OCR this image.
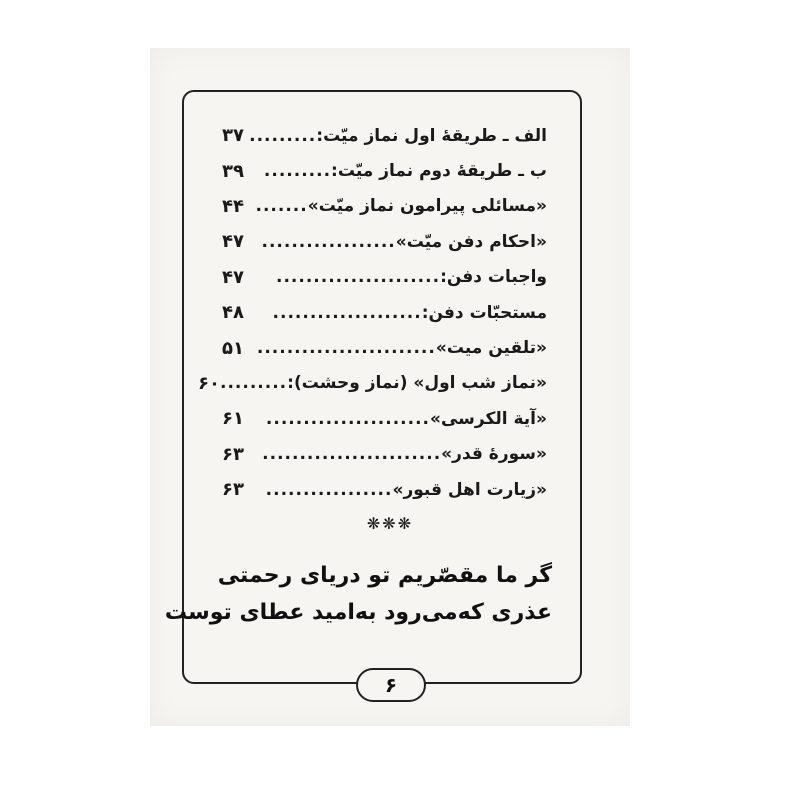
الف ـ طریقۀ اول نماز میّت:
.........
۳۷
ب ـ طریقۀ دوم نماز میّت:
.........
۳۹
«مسائلی پیرامون نماز میّت»
.......
۴۴
«احکام دفن میّت»
..................
۴۷
واجبات دفن:
......................
۴۷
مستحبّات دفن:
....................
۴۸
«تلقین میت»
........................
۵۱
«نماز شب اول» (نماز وحشت):
.........
۶۰
«آیة الکرسی»
......................
۶۱
«سورۀ قدر»
........................
۶۳
«زیارت اهل قبور»
.................
۶۳
❋❋❋
گر ما مقصّریم تو دریای رحمتی
عذری که‌می‌رود به‌امید عطای توست
۶
